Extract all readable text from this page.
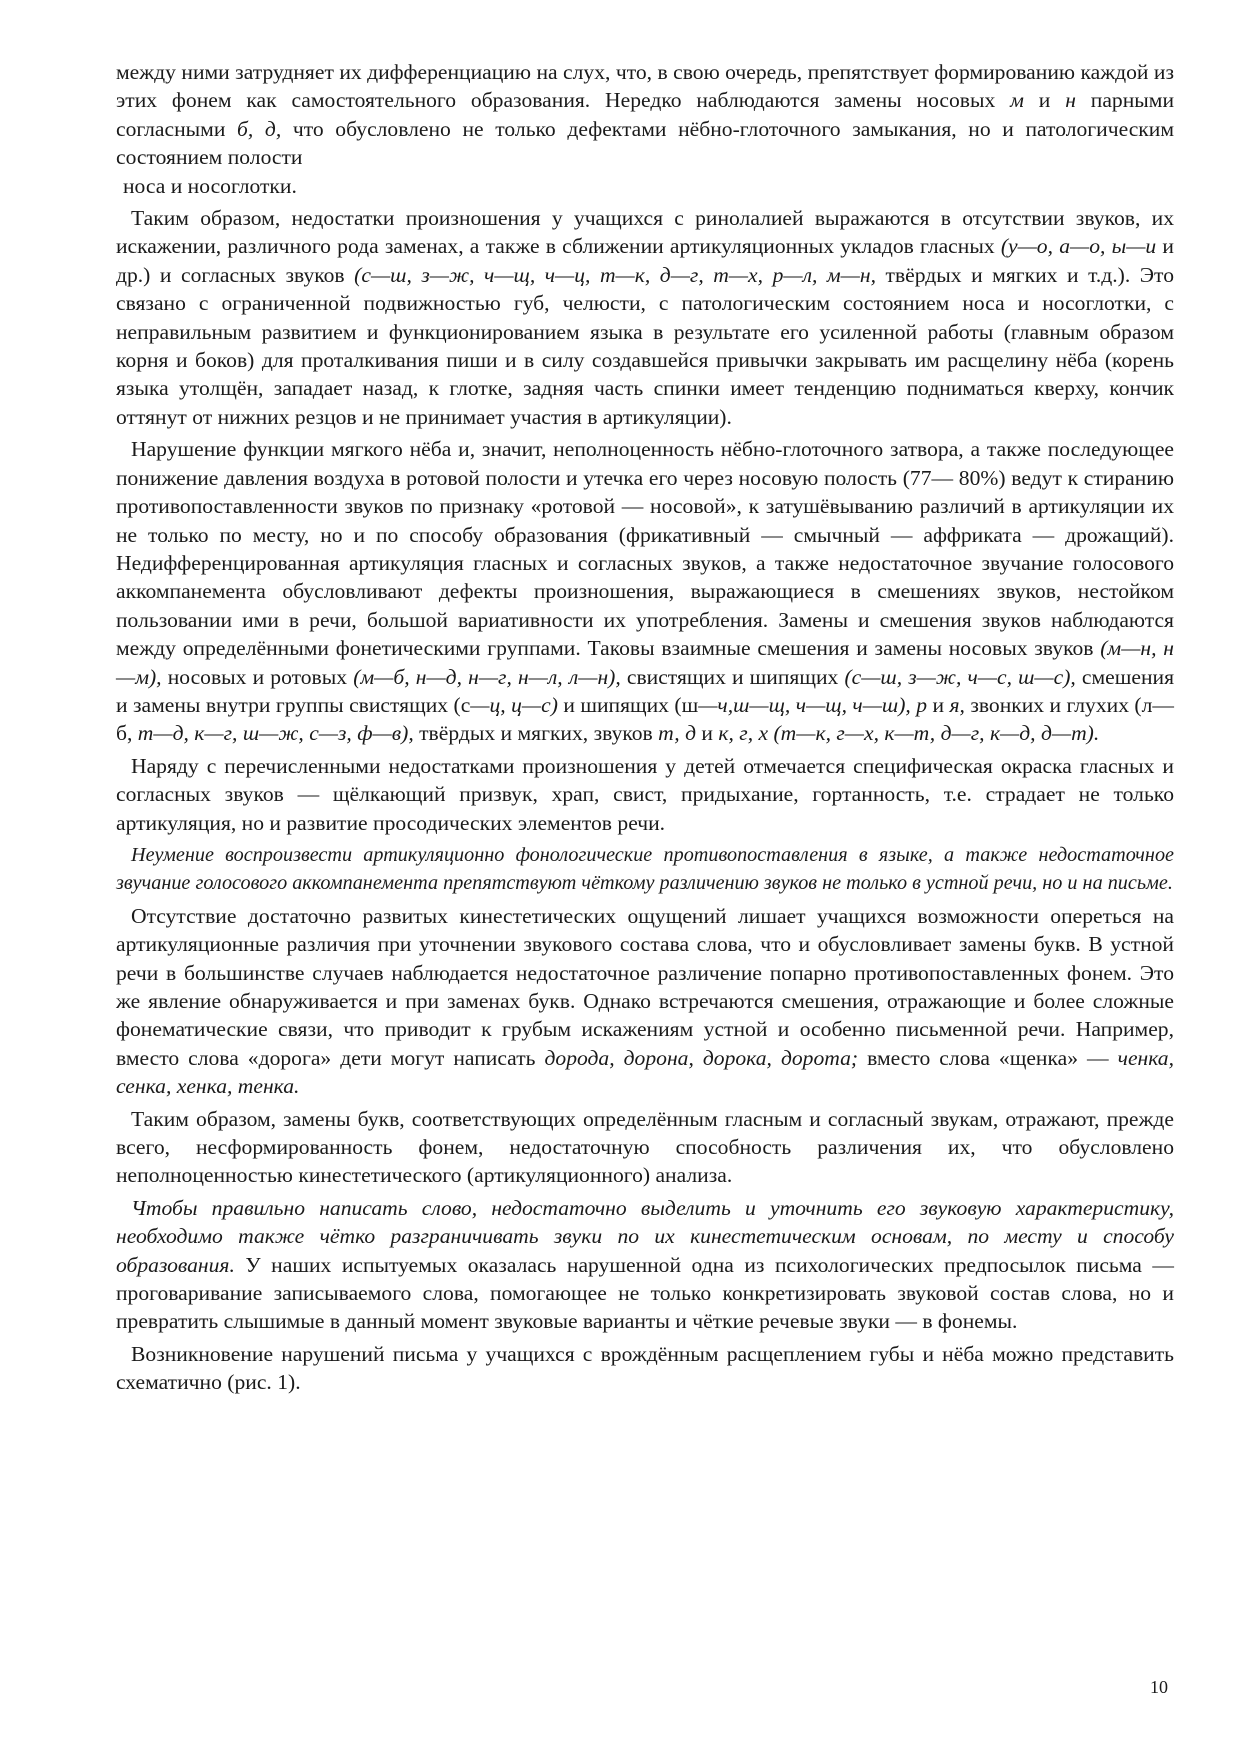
между ними затрудняет их дифференциацию на слух, что, в свою очередь, препятствует формированию каждой из этих фонем как самостоятельного образования. Нередко наблюдаются замены носовых м и н парными согласными б, д, что обусловлено не только дефектами нёбно-глоточного замыкания, но и патологическим состоянием полости

носа и носоглотки.

Таким образом, недостатки произношения у учащихся с ринолалией выражаются в отсутствии звуков, их искажении, различного рода заменах, а также в сближении артикуляционных укладов гласных (у—о, а—о, ы—и и др.) и согласных звуков (с—ш, з—ж, ч—щ, ч—ц, т—к, д—г, т—х, р—л, м—н, твёрдых и мягких и т.д.). Это связано с ограниченной подвижностью губ, челюсти, с патологическим состоянием носа и носоглотки, с неправильным развитием и функционированием языка в результате его усиленной работы (главным образом корня и боков) для проталкивания пиши и в силу создавшейся привычки закрывать им расщелину нёба (корень языка утолщён, западает назад, к глотке, задняя часть спинки имеет тенденцию подниматься кверху, кончик оттянут от нижних резцов и не принимает участия в артикуляции).

Нарушение функции мягкого нёба и, значит, неполноценность нёбно-глоточного затвора, а также последующее понижение давления воздуха в ротовой полости и утечка его через носовую полость (77— 80%) ведут к стиранию противопоставленности звуков по признаку «ротовой — носовой», к затушёвыванию различий в артикуляции их не только по месту, но и по способу образования (фрикативный — смычный — аффриката — дрожащий). Недифференцированная артикуляция гласных и согласных звуков, а также недостаточное звучание голосового аккомпанемента обусловливают дефекты произношения, выражающиеся в смешениях звуков, нестойком пользовании ими в речи, большой вариативности их употребления. Замены и смешения звуков наблюдаются между определёнными фонетическими группами. Таковы взаимные смешения и замены носовых звуков (м—н, н—м), носовых и ротовых (м—б, н—д, н—г, н—л, л—н), свистящих и шипящих (с—ш, з—ж, ч—с, ш—с), смешения и замены внутри группы свистящих (с—ц, ц—с) и шипящих (ш—ч,ш—щ, ч—щ, ч—ш), р и я, звонких и глухих (л—б, т—д, к—г, ш—ж, с—з, ф—в), твёрдых и мягких, звуков т, д и к, г, х (т—к, г—х, к—т, д—г, к—д, д—т).

Наряду с перечисленными недостатками произношения у детей отмечается специфическая окраска гласных и согласных звуков — щёлкающий призвук, храп, свист, придыхание, гортанность, т.е. страдает не только артикуляция, но и развитие просодических элементов речи.

Неумение воспроизвести артикуляционно фонологические противопоставления в языке, а также недостаточное звучание голосового аккомпанемента препятствуют чёткому различению звуков не только в устной речи, но и на письме.

Отсутствие достаточно развитых кинестетических ощущений лишает учащихся возможности опереться на артикуляционные различия при уточнении звукового состава слова, что и обусловливает замены букв. В устной речи в большинстве случаев наблюдается недостаточное различение попарно противопоставленных фонем. Это же явление обнаруживается и при заменах букв. Однако встречаются смешения, отражающие и более сложные фонематические связи, что приводит к грубым искажениям устной и особенно письменной речи. Например, вместо слова «дорога» дети могут написать дорода, дорона, дорока, дорота; вместо слова «щенка» — ченка, сенка, хенка, тенка.

Таким образом, замены букв, соответствующих определённым гласным и согласный звукам, отражают, прежде всего, несформированность фонем, недостаточную способность различения их, что обусловлено неполноценностью кинестетического (артикуляционного) анализа.

Чтобы правильно написать слово, недостаточно выделить и уточнить его звуковую характеристику, необходимо также чётко разграничивать звуки по их кинестетическим основам, по месту и способу образования. У наших испытуемых оказалась нарушенной одна из психологических предпосылок письма — проговаривание записываемого слова, помогающее не только конкретизировать звуковой состав слова, но и превратить слышимые в данный момент звуковые варианты и чёткие речевые звуки — в фонемы.

Возникновение нарушений письма у учащихся с врождённым расщеплением губы и нёба можно представить схематично (рис. 1).

10
